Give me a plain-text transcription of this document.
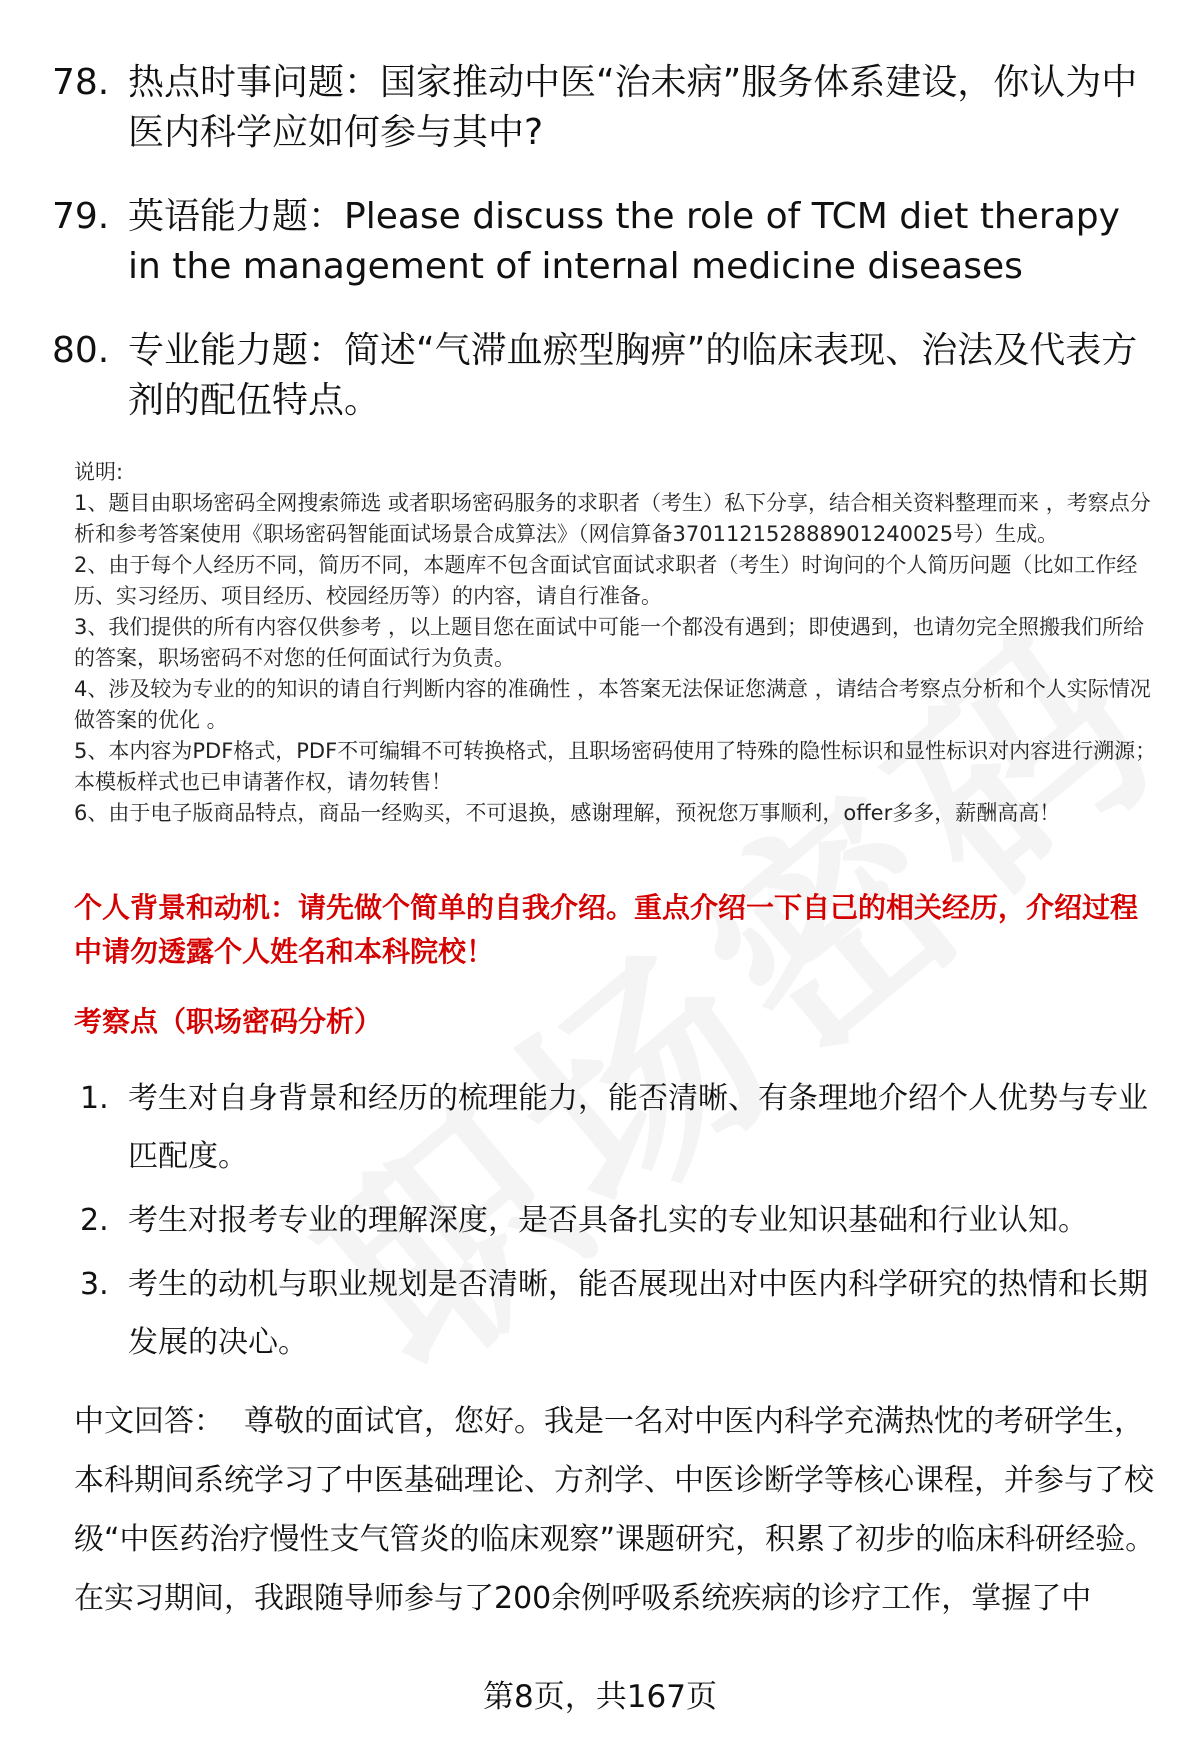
78. 热点时事问题：国家推动中医“治未病”服务体系建设，你认为中医内科学应如何参与其中?
79. 英语能力题：Please discuss the role of TCM diet therapy in the management of internal medicine diseases
80. 专业能力题：简述“气滞血瘀型胸痹”的临床表现、治法及代表方剂的配伍特点。

说明:

1、题目由职场密码全网搜索筛选 或者职场密码服务的求职者（考生）私下分享，结合相关资料整理而来 ，考察点分析和参考答案使用《职场密码智能面试场景合成算法》（网信算备370112152888901240025号）生成。

2、由于每个人经历不同，简历不同，本题库不包含面试官面试求职者（考生）时询问的个人简历问题（比如工作经历、实习经历、项目经历、校园经历等）的内容，请自行准备。

3、我们提供的所有内容仅供参考 ，以上题目您在面试中可能一个都没有遇到；即使遇到，也请勿完全照搬我们所给的答案，职场密码不对您的任何面试行为负责。

4、涉及较为专业的的知识的请自行判断内容的准确性 ，本答案无法保证您满意 ，请结合考察点分析和个人实际情况做答案的优化 。

5、本内容为PDF格式，PDF不可编辑不可转换格式，且职场密码使用了特殊的隐性标识和显性标识对内容进行溯源；本模板样式也已申请著作权，请勿转售！

6、由于电子版商品特点，商品一经购买，不可退换，感谢理解，预祝您万事顺利，offer多多，薪酬高高！

个人背景和动机：请先做个简单的自我介绍。重点介绍一下自己的相关经历，介绍过程中请勿透露个人姓名和本科院校！
考察点（职场密码分析）
1. 考生对自身背景和经历的梳理能力，能否清晰、有条理地介绍个人优势与专业匹配度。
2. 考生对报考专业的理解深度，是否具备扎实的专业知识基础和行业认知。
3. 考生的动机与职业规划是否清晰，能否展现出对中医内科学研究的热情和长期发展的决心。
中文回答： 尊敬的面试官，您好。我是一名对中医内科学充满热忱的考研学生，本科期间系统学习了中医基础理论、方剂学、中医诊断学等核心课程，并参与了校级“中医药治疗慢性支气管炎的临床观察”课题研究，积累了初步的临床科研经验。在实习期间，我跟随导师参与了200余例呼吸系统疾病的诊疗工作，掌握了中
第8页，共167页
